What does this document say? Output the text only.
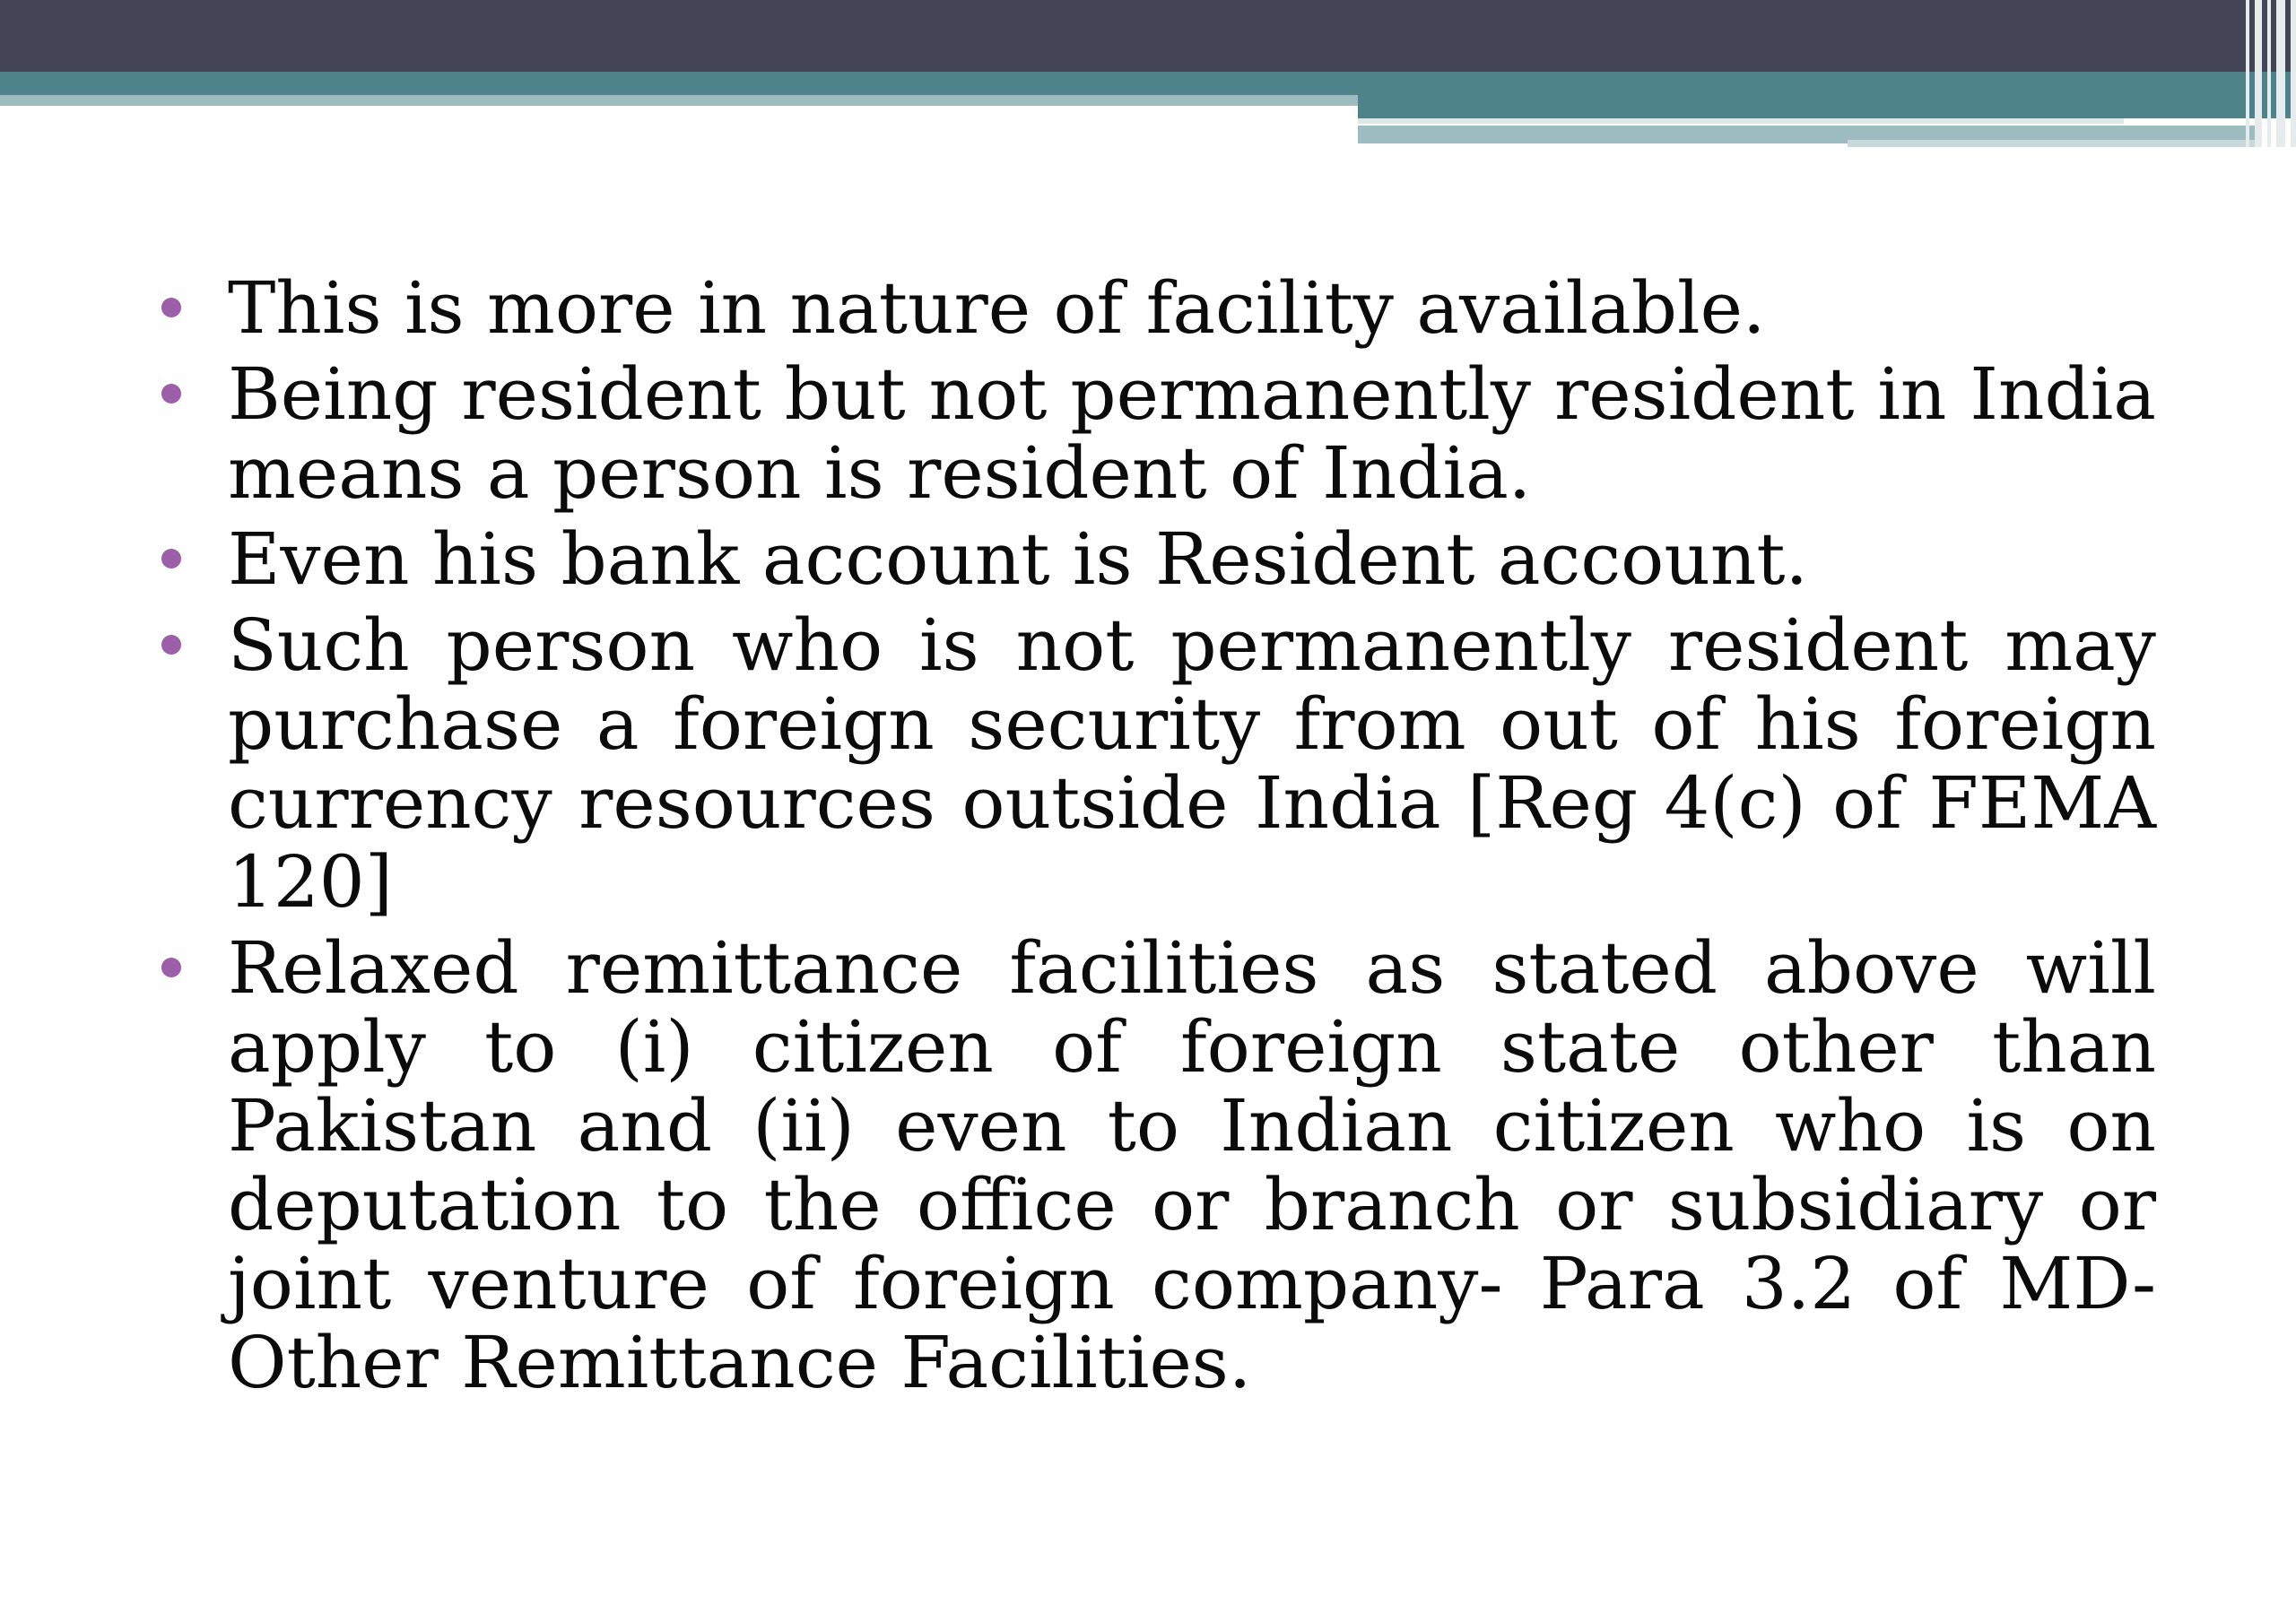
This is more in nature of facility available.
Being resident but not permanently resident in India means a person is resident of India.
Even his bank account is Resident account.
Such person who is not permanently resident may purchase a foreign security from out of his foreign currency resources outside India [Reg 4(c) of FEMA 120]
Relaxed remittance facilities as stated above will apply to (i) citizen of foreign state other than Pakistan and (ii) even to Indian citizen who is on deputation to the office or branch or subsidiary or joint venture of foreign company- Para 3.2 of MD- Other Remittance Facilities.
